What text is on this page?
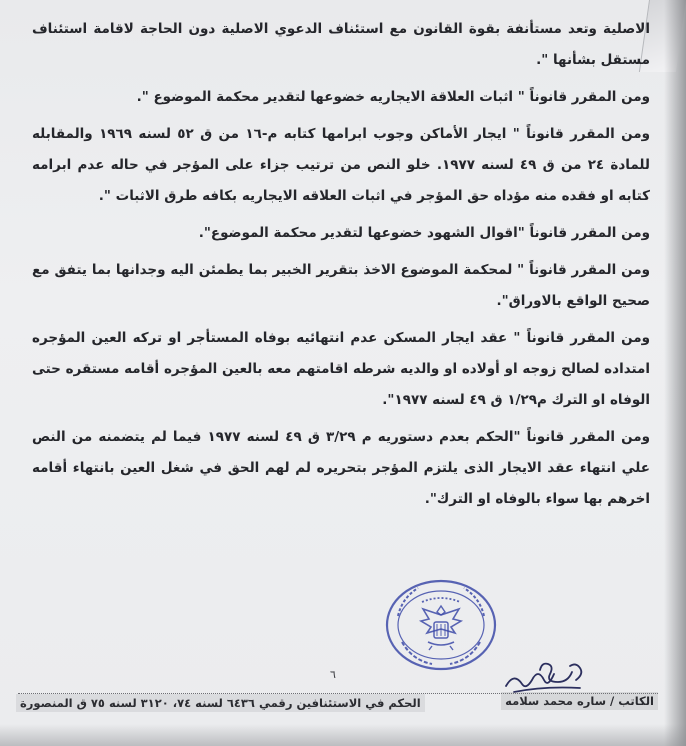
الاصلية وتعد مستأنفة بقوة القانون مع استئناف الدعوي الاصلية دون الحاجة لاقامة استئناف مستقل بشأنها ".

ومن المقرر قانوناً " اثبات العلاقة الايجاريه خضوعها لتقدير محكمة الموضوع ".

ومن المقرر قانوناً " ايجار الأماكن وجوب ابرامها كتابه م-١٦ من ق ٥٢ لسنه ١٩٦٩ والمقابله للمادة ٢٤ من ق ٤٩ لسنه ١٩٧٧. خلو النص من ترتيب جزاء على المؤجر في حاله عدم ابرامه كتابه او فقده منه مؤداه حق المؤجر في اثبات العلاقه الايجاريه بكافه طرق الاثبات ".

ومن المقرر قانوناً "اقوال الشهود خضوعها لتقدير محكمة الموضوع".

ومن المقرر قانوناً " لمحكمة الموضوع الاخذ بتقرير الخبير بما يطمئن اليه وجدانها بما يتفق مع صحيح الواقع بالاوراق".

ومن المقرر قانوناً " عقد ايجار المسكن عدم انتهائيه بوفاه المستأجر او تركه العين المؤجره امتداده لصالح زوجه او أولاده او والديه شرطه اقامتهم معه بالعين المؤجره أقامه مستقره حتى الوفاه او الترك م١/٢٩ ق ٤٩ لسنه ١٩٧٧".

ومن المقرر قانوناً "الحكم بعدم دستوريه م ٣/٢٩ ق ٤٩ لسنه ١٩٧٧ فيما لم يتضمنه من النص علي انتهاء عقد الايجار الذى يلتزم المؤجر بتحريره لم لهم الحق في شغل العين بانتهاء أقامه اخرهم بها سواء بالوفاه او الترك".

٦
الكاتب / ساره محمد سلامه
الحكم في الاستئنافين رقمي ٦٤٣٦ لسنه ٧٤، ٣١٢٠ لسنه ٧٥ ق المنصورة
